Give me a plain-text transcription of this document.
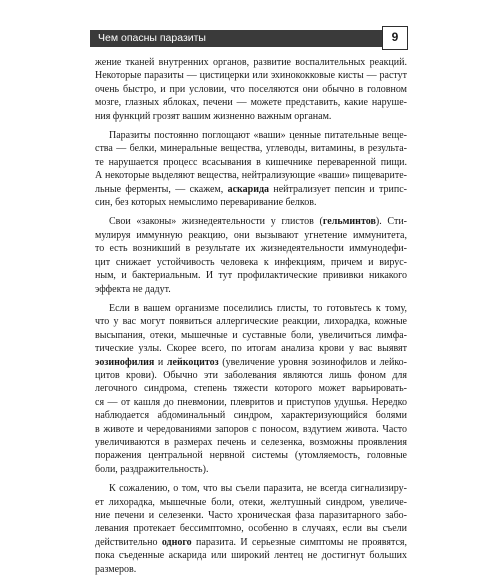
Чем опасны паразиты	9

жение тканей внутренних органов, развитие воспалительных реакций.
Некоторые паразиты — цистицерки или эхинококковые кисты — растут
очень быстро, и при условии, что поселяются они обычно в головном
мозге, глазных яблоках, печени — можете представить, какие наруше-
ния функций грозят вашим жизненно важным органам.

Паразиты постоянно поглощают «ваши» ценные питательные веще-
ства — белки, минеральные вещества, углеводы, витамины, в результа-
те нарушается процесс всасывания в кишечнике переваренной пищи.
А некоторые выделяют вещества, нейтрализующие «ваши» пищеварите-
льные ферменты, — скажем, аскарида нейтрализует пепсин и трипс-
син, без которых немыслимо переваривание белков.

Свои «законы» жизнедеятельности у глистов (гельминтов). Сти-
мулируя иммунную реакцию, они вызывают угнетение иммунитета,
то есть возникший в результате их жизнедеятельности иммунодефи-
цит снижает устойчивость человека к инфекциям, причем и вирус-
ным, и бактериальным. И тут профилактические прививки никакого
эффекта не дадут.

Если в вашем организме поселились глисты, то готовьтесь к тому,
что у вас могут появиться аллергические реакции, лихорадка, кожные
высыпания, отеки, мышечные и суставные боли, увеличиться лимфа-
тические узлы. Скорее всего, по итогам анализа крови у вас выявят
эозинофилия и лейкоцитоз (увеличение уровня эозинофилов и лейко-
цитов крови). Обычно эти заболевания являются лишь фоном для
легочного синдрома, степень тяжести которого может варьировать-
ся — от кашля до пневмонии, плевритов и приступов удушья. Нередко
наблюдается абдоминальный синдром, характеризующийся болями
в животе и чередованиями запоров с поносом, вздутием живота. Часто
увеличиваются в размерах печень и селезенка, возможны проявления
поражения центральной нервной системы (утомляемость, головные
боли, раздражительность).

К сожалению, о том, что вы съели паразита, не всегда сигнализиру-
ет лихорадка, мышечные боли, отеки, желтушный синдром, увеличе-
ние печени и селезенки. Часто хроническая фаза паразитарного забо-
левания протекает бессимптомно, особенно в случаях, если вы съели
действительно одного паразита. И серьезные симптомы не проявятся,
пока съеденные аскарида или широкий лентец не достигнут больших
размеров.
